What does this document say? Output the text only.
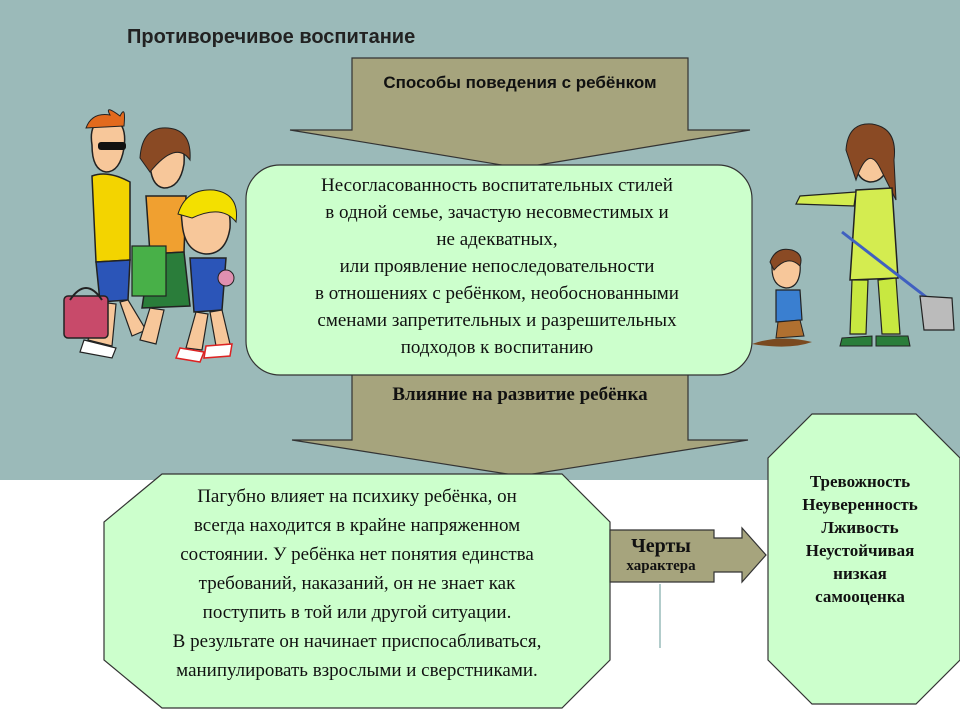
Противоречивое воспитание
Способы поведения с ребёнком
Влияние на развитие ребёнка
Несогласованность воспитательных стилей
в одной семье, зачастую несовместимых и
не адекватных,
или проявление непоследовательности
в отношениях с ребёнком, необоснованными
сменами запретительных и разрешительных
подходов к воспитанию
Пагубно влияет на психику ребёнка, он
всегда находится в крайне напряженном
состоянии. У ребёнка нет понятия единства
требований, наказаний, он не знает как
поступить в той или другой ситуации.
В результате он начинает приспосабливаться,
манипулировать взрослыми и сверстниками.
Черты
характера
Тревожность
Неуверенность
Лживость
Неустойчивая
низкая
самооценка
